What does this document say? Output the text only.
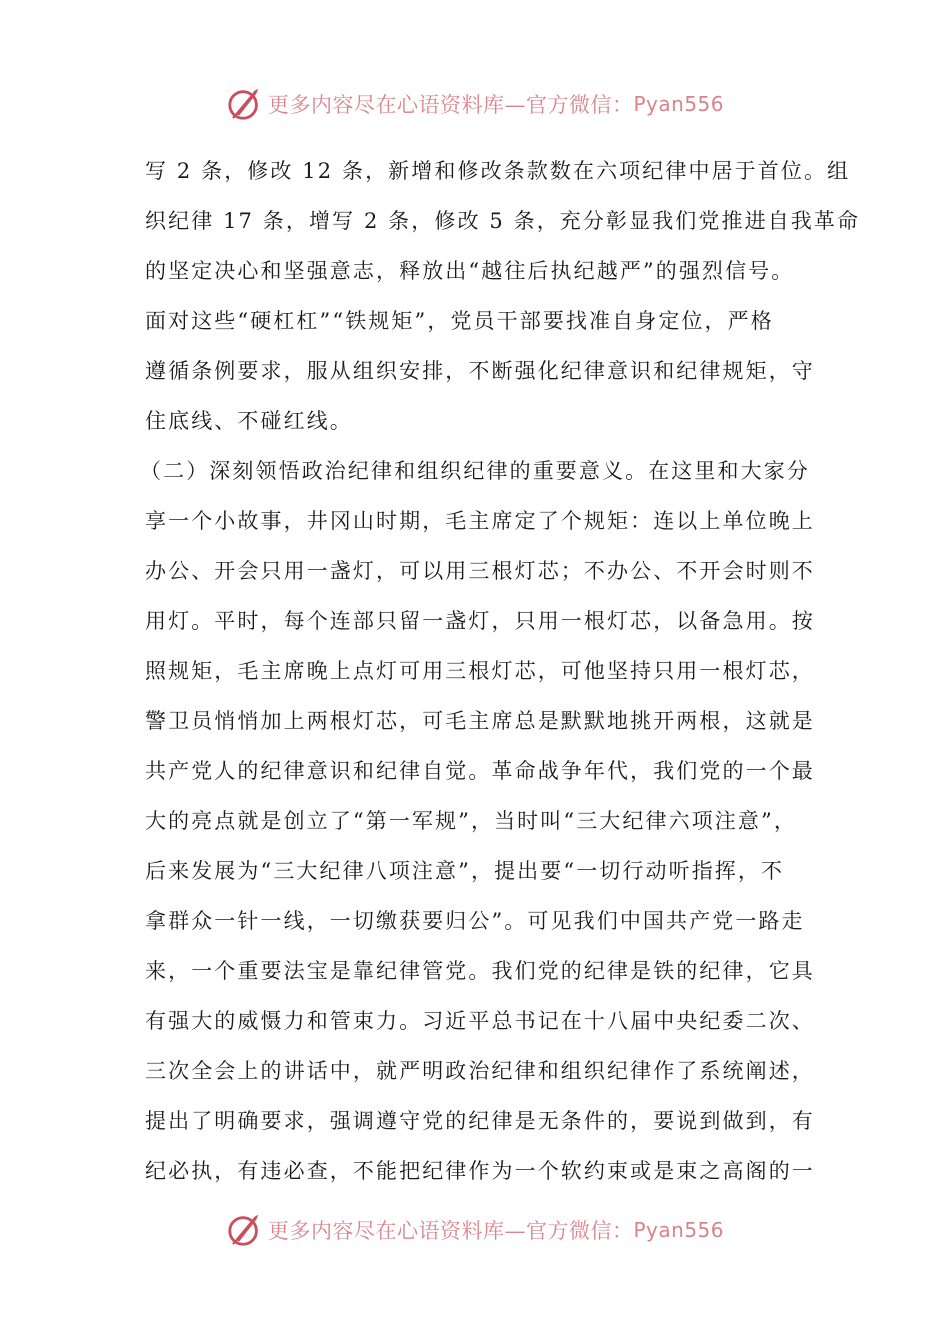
更多内容尽在心语资料库—官方微信： Pyan556
写 2 条，修改 12 条，新增和修改条款数在六项纪律中居于首位。组
织纪律 17 条，增写 2 条，修改 5 条，充分彰显我们党推进自我革命
的坚定决心和坚强意志，释放出“越往后执纪越严”的强烈信号。
面对这些“硬杠杠”“铁规矩”，党员干部要找准自身定位，严格
遵循条例要求，服从组织安排，不断强化纪律意识和纪律规矩，守
住底线、不碰红线。
（二）深刻领悟政治纪律和组织纪律的重要意义。在这里和大家分
享一个小故事，井冈山时期，毛主席定了个规矩：连以上单位晚上
办公、开会只用一盏灯，可以用三根灯芯；不办公、不开会时则不
用灯。平时，每个连部只留一盏灯，只用一根灯芯，以备急用。按
照规矩，毛主席晚上点灯可用三根灯芯，可他坚持只用一根灯芯，
警卫员悄悄加上两根灯芯，可毛主席总是默默地挑开两根，这就是
共产党人的纪律意识和纪律自觉。革命战争年代，我们党的一个最
大的亮点就是创立了“第一军规”，当时叫“三大纪律六项注意”，
后来发展为“三大纪律八项注意”，提出要“一切行动听指挥，不
拿群众一针一线，一切缴获要归公”。可见我们中国共产党一路走
来，一个重要法宝是靠纪律管党。我们党的纪律是铁的纪律，它具
有强大的威慑力和管束力。习近平总书记在十八届中央纪委二次、
三次全会上的讲话中，就严明政治纪律和组织纪律作了系统阐述，
提出了明确要求，强调遵守党的纪律是无条件的，要说到做到，有
纪必执，有违必查，不能把纪律作为一个软约束或是束之高阁的一
更多内容尽在心语资料库—官方微信： Pyan556
